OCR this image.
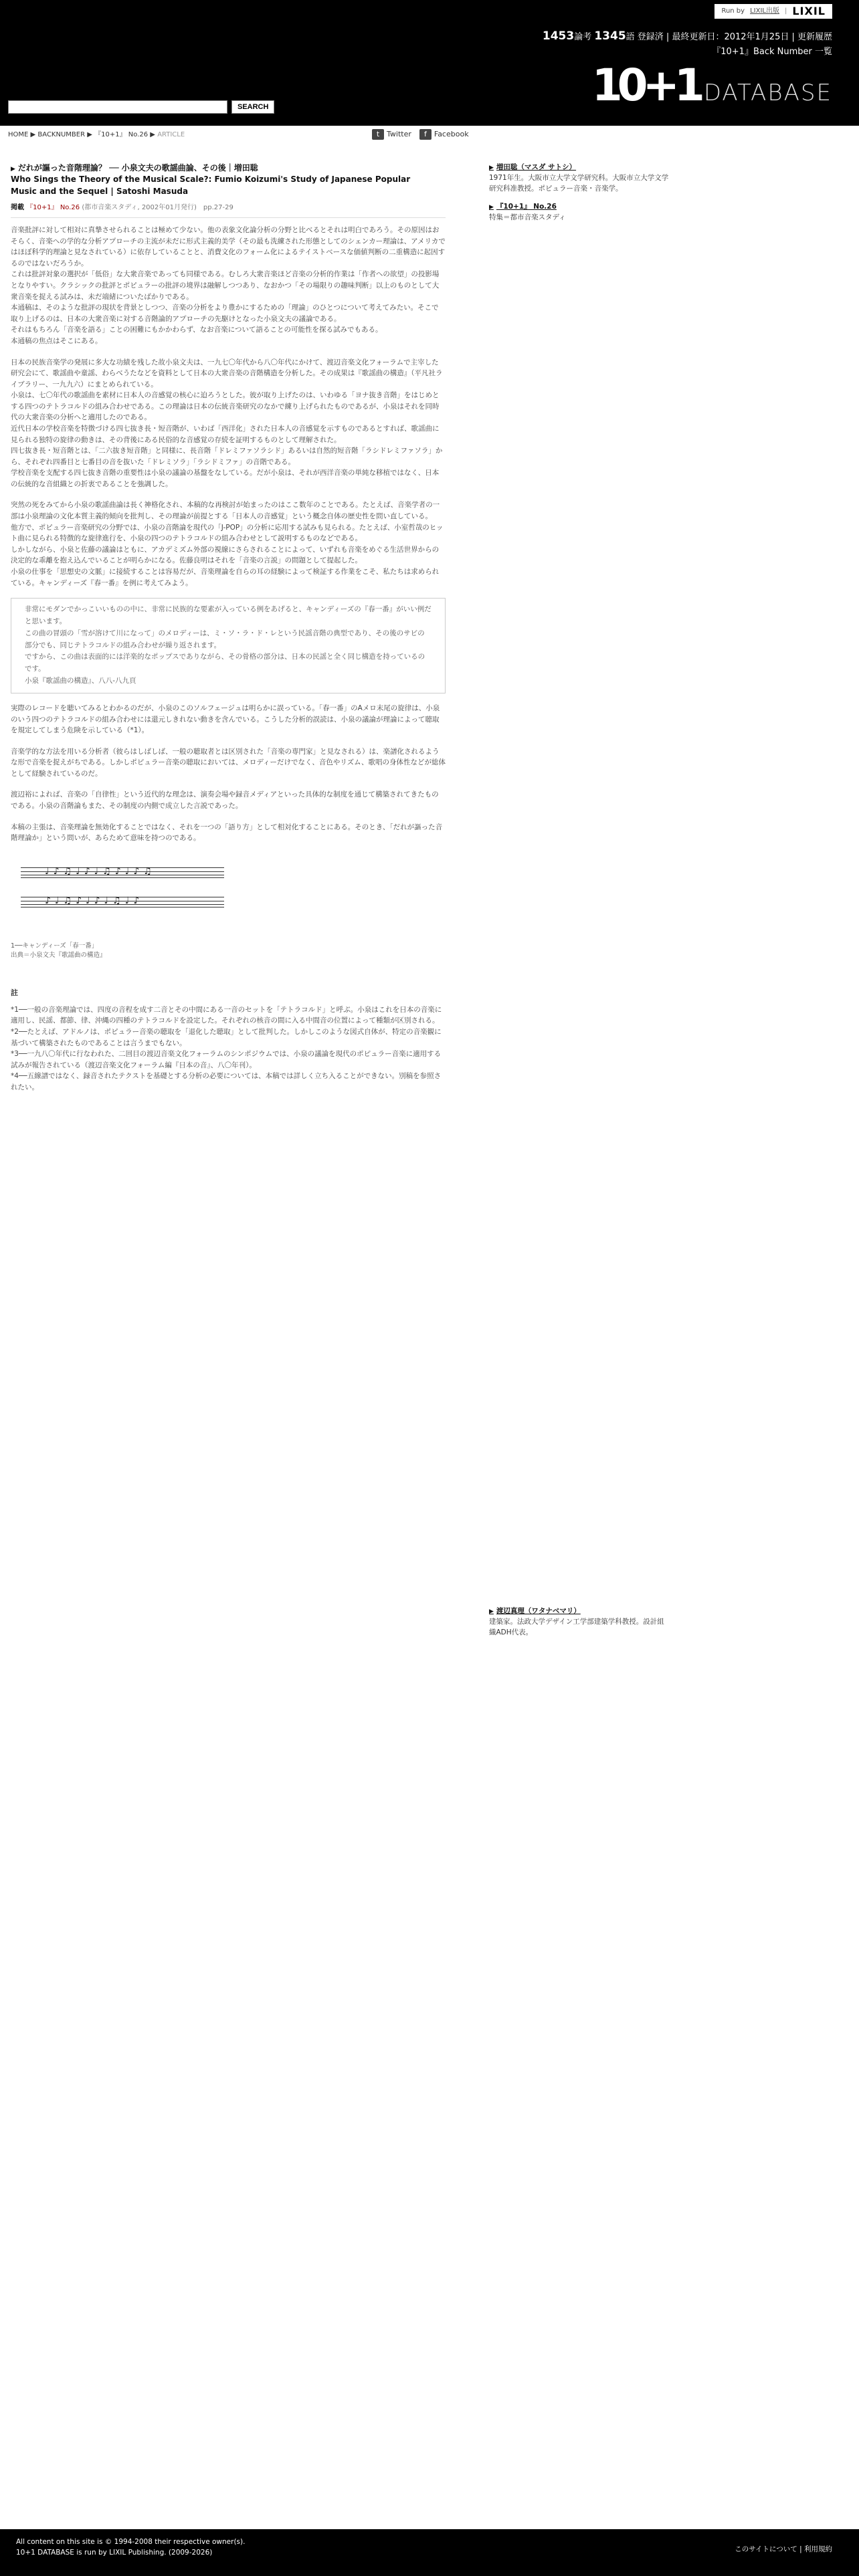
Run by LIXIL出版 | LIXIL
1453論考 1345語 登録済 | 最終更新日：2012年1月25日 | 更新履歴
『10+1』Back Number 一覧
10+1 DATABASE
SEARCH
HOME ▶ BACKNUMBER ▶ 『10+1』 No.26 ▶ ARTICLE	t Twitter	f Facebook
▶ だれが謳った音階理論？ ── 小泉文夫の歌謡曲論、その後｜増田聡
Who Sings the Theory of the Musical Scale?: Fumio Koizumi's Study of Japanese Popular
Music and the Sequel | Satoshi Masuda
掲載 『10+1』 No.26 (都市音楽スタディ, 2002年01月発行)　pp.27-29

音楽批評に対して相対に真摯させられることは極めて少ない。他の表象文化論分析の分野と比べるとそれは明白であろう。その原因はおそらく、音楽への学的な分析アプローチの主流が未だに形式主義的美学（その最も洗練された形態としてのシェンカー理論は、アメリカではほぼ科学的理論と見なされている）に依存していることと、消費文化のフォーム化によるテイストベースな価値判断の二重構造に起因するのではないだろうか。

これは批評対象の選択が「低俗」な大衆音楽であっても同様である。むしろ大衆音楽ほど音楽の分析的作業は「作者への欲望」の投影場となりやすい。クラシックの批評とポピュラーの批評の境界は融解しつつあり、なおかつ「その場限りの趣味判断」以上のものとして大衆音楽を捉える試みは、未だ端緒についたばかりである。

本通稿は、そのような批評の現状を背景としつつ、音楽の分析をより豊かにするための「理論」のひとつについて考えてみたい。そこで取り上げるのは、日本の大衆音楽に対する音階論的アプローチの先駆けとなった小泉文夫の議論である。

それはもちろん「音楽を語る」ことの困難にもかかわらず、なお音楽について語ることの可能性を探る試みでもある。

本通稿の焦点はそこにある。

日本の民族音楽学の発展に多大な功績を残した故小泉文夫は、一九七〇年代から八〇年代にかけて、渡辺音楽文化フォーラムで主宰した研究会にて、歌謡曲や童謡、わらべうたなどを資料として日本の大衆音楽の音階構造を分析した。その成果は『歌謡曲の構造』（平凡社ライブラリー、一九九六）にまとめられている。

小泉は、七〇年代の歌謡曲を素材に日本人の音感覚の核心に迫ろうとした。彼が取り上げたのは、いわゆる「ヨナ抜き音階」をはじめとする四つのテトラコルドの組み合わせである。この理論は日本の伝統音楽研究のなかで練り上げられたものであるが、小泉はそれを同時代の大衆音楽の分析へと適用したのである。

近代日本の学校音楽を特徴づける四七抜き長・短音階が、いわば「西洋化」された日本人の音感覚を示すものであるとすれば、歌謡曲に見られる独特の旋律の動きは、その背後にある民俗的な音感覚の存続を証明するものとして理解された。

四七抜き長・短音階とは、「二六抜き短音階」と同様に、長音階「ドレミファソラシド」あるいは自然的短音階「ラシドレミファソラ」から、それぞれ四番目と七番目の音を抜いた「ドレミソラ」「ラシドミファ」の音階である。

学校音楽を支配する四七抜き音階の重要性は小泉の議論の基盤をなしている。だが小泉は、それが西洋音楽の単純な移植ではなく、日本の伝統的な音組織との折衷であることを強調した。

突然の死をみてから小泉の歌謡曲論は長く神格化され、本稿的な再検討が始まったのはここ数年のことである。たとえば、音楽学者の一部は小泉理論の文化本質主義的傾向を批判し、その理論が前提とする「日本人の音感覚」という概念自体の歴史性を問い直している。

他方で、ポピュラー音楽研究の分野では、小泉の音階論を現代の「J-POP」の分析に応用する試みも見られる。たとえば、小室哲哉のヒット曲に見られる特徴的な旋律進行を、小泉の四つのテトラコルドの組み合わせとして説明するものなどである。

しかしながら、小泉と佐藤の議論はともに、アカデミズム外部の視線にさらされることによって、いずれも音楽をめぐる生活世界からの決定的な乖離を抱え込んでいることが明らかになる。佐藤良明はそれを「音楽の言説」の問題として提起した。

小泉の仕事を「思想史の文脈」に接続することは容易だが、音楽理論を自らの耳の経験によって検証する作業をこそ、私たちは求められている。キャンディーズ『春一番』を例に考えてみよう。

非常にモダンでかっこいいものの中に、非常に民族的な要素が入っている例をあげると、キャンディーズの『春一番』がいい例だと思います。
この曲の冒頭の「雪が溶けて川になって」のメロディーは、ミ・ソ・ラ・ド・レという民謡音階の典型であり、その後のサビの部分でも、同じテトラコルドの組み合わせが繰り返されます。
ですから、この曲は表面的には洋楽的なポップスでありながら、その骨格の部分は、日本の民謡と全く同じ構造を持っているのです。
小泉『歌謡曲の構造』、八八-八九頁

実際のレコードを聴いてみるとわかるのだが、小泉のこのソルフェージュは明らかに誤っている。「春一番」のAメロ末尾の旋律は、小泉のいう四つのテトラコルドの組み合わせには還元しきれない動きを含んでいる。こうした分析的誤読は、小泉の議論が理論によって聴取を規定してしまう危険を示している（*1）。

音楽学的な方法を用いる分析者（彼らはしばしば、一般の聴取者とは区別された「音楽の専門家」と見なされる）は、楽譜化されるような形で音楽を捉えがちである。しかしポピュラー音楽の聴取においては、メロディーだけでなく、音色やリズム、歌唱の身体性などが総体として経験されているのだ。

渡辺裕によれば、音楽の「自律性」という近代的な理念は、演奏会場や録音メディアといった具体的な制度を通じて構築されてきたものである。小泉の音階論もまた、その制度の内側で成立した言説であった。

本稿の主張は、音楽理論を無効化することではなく、それを一つの「語り方」として相対化することにある。そのとき、「だれが謳った音階理論か」という問いが、あらためて意味を持つのである。

♩♪♫♩♪♩♫♪♩♪♫
♪♩♫♪♩♪♩♫♩♪
1──キャンディーズ「春一番」
出典＝小泉文夫『歌謡曲の構造』
註

*1──一般の音楽理論では、四度の音程を成す二音とその中間にある一音のセットを「テトラコルド」と呼ぶ。小泉はこれを日本の音楽に適用し、民謡、都節、律、沖縄の四種のテトラコルドを設定した。それぞれの核音の間に入る中間音の位置によって種類が区別される。

*2──たとえば、アドルノは、ポピュラー音楽の聴取を「退化した聴取」として批判した。しかしこのような図式自体が、特定の音楽観に基づいて構築されたものであることは言うまでもない。

*3──一九八〇年代に行なわれた、二回目の渡辺音楽文化フォーラムのシンポジウムでは、小泉の議論を現代のポピュラー音楽に適用する試みが報告されている（渡辺音楽文化フォーラム編『日本の音』、八〇年刊）。

*4──五線譜ではなく、録音されたテクストを基礎とする分析の必要については、本稿では詳しく立ち入ることができない。別稿を参照されたい。

▶ 増田聡（マスダ サトシ）
1971年生。大阪市立大学文学研究科。大阪市立大学文学研究科准教授。ポピュラー音楽・音楽学。
▶ 『10+1』 No.26
特集＝都市音楽スタディ
▶ 渡辺真理（ワタナベマリ）
建築家。法政大学デザイン工学部建築学科教授。設計組織ADH代表。
All content on this site is © 1994-2008 their respective owner(s).
10+1 DATABASE is run by LIXIL Publishing. (2009-2026)	このサイトについて | 利用規約
